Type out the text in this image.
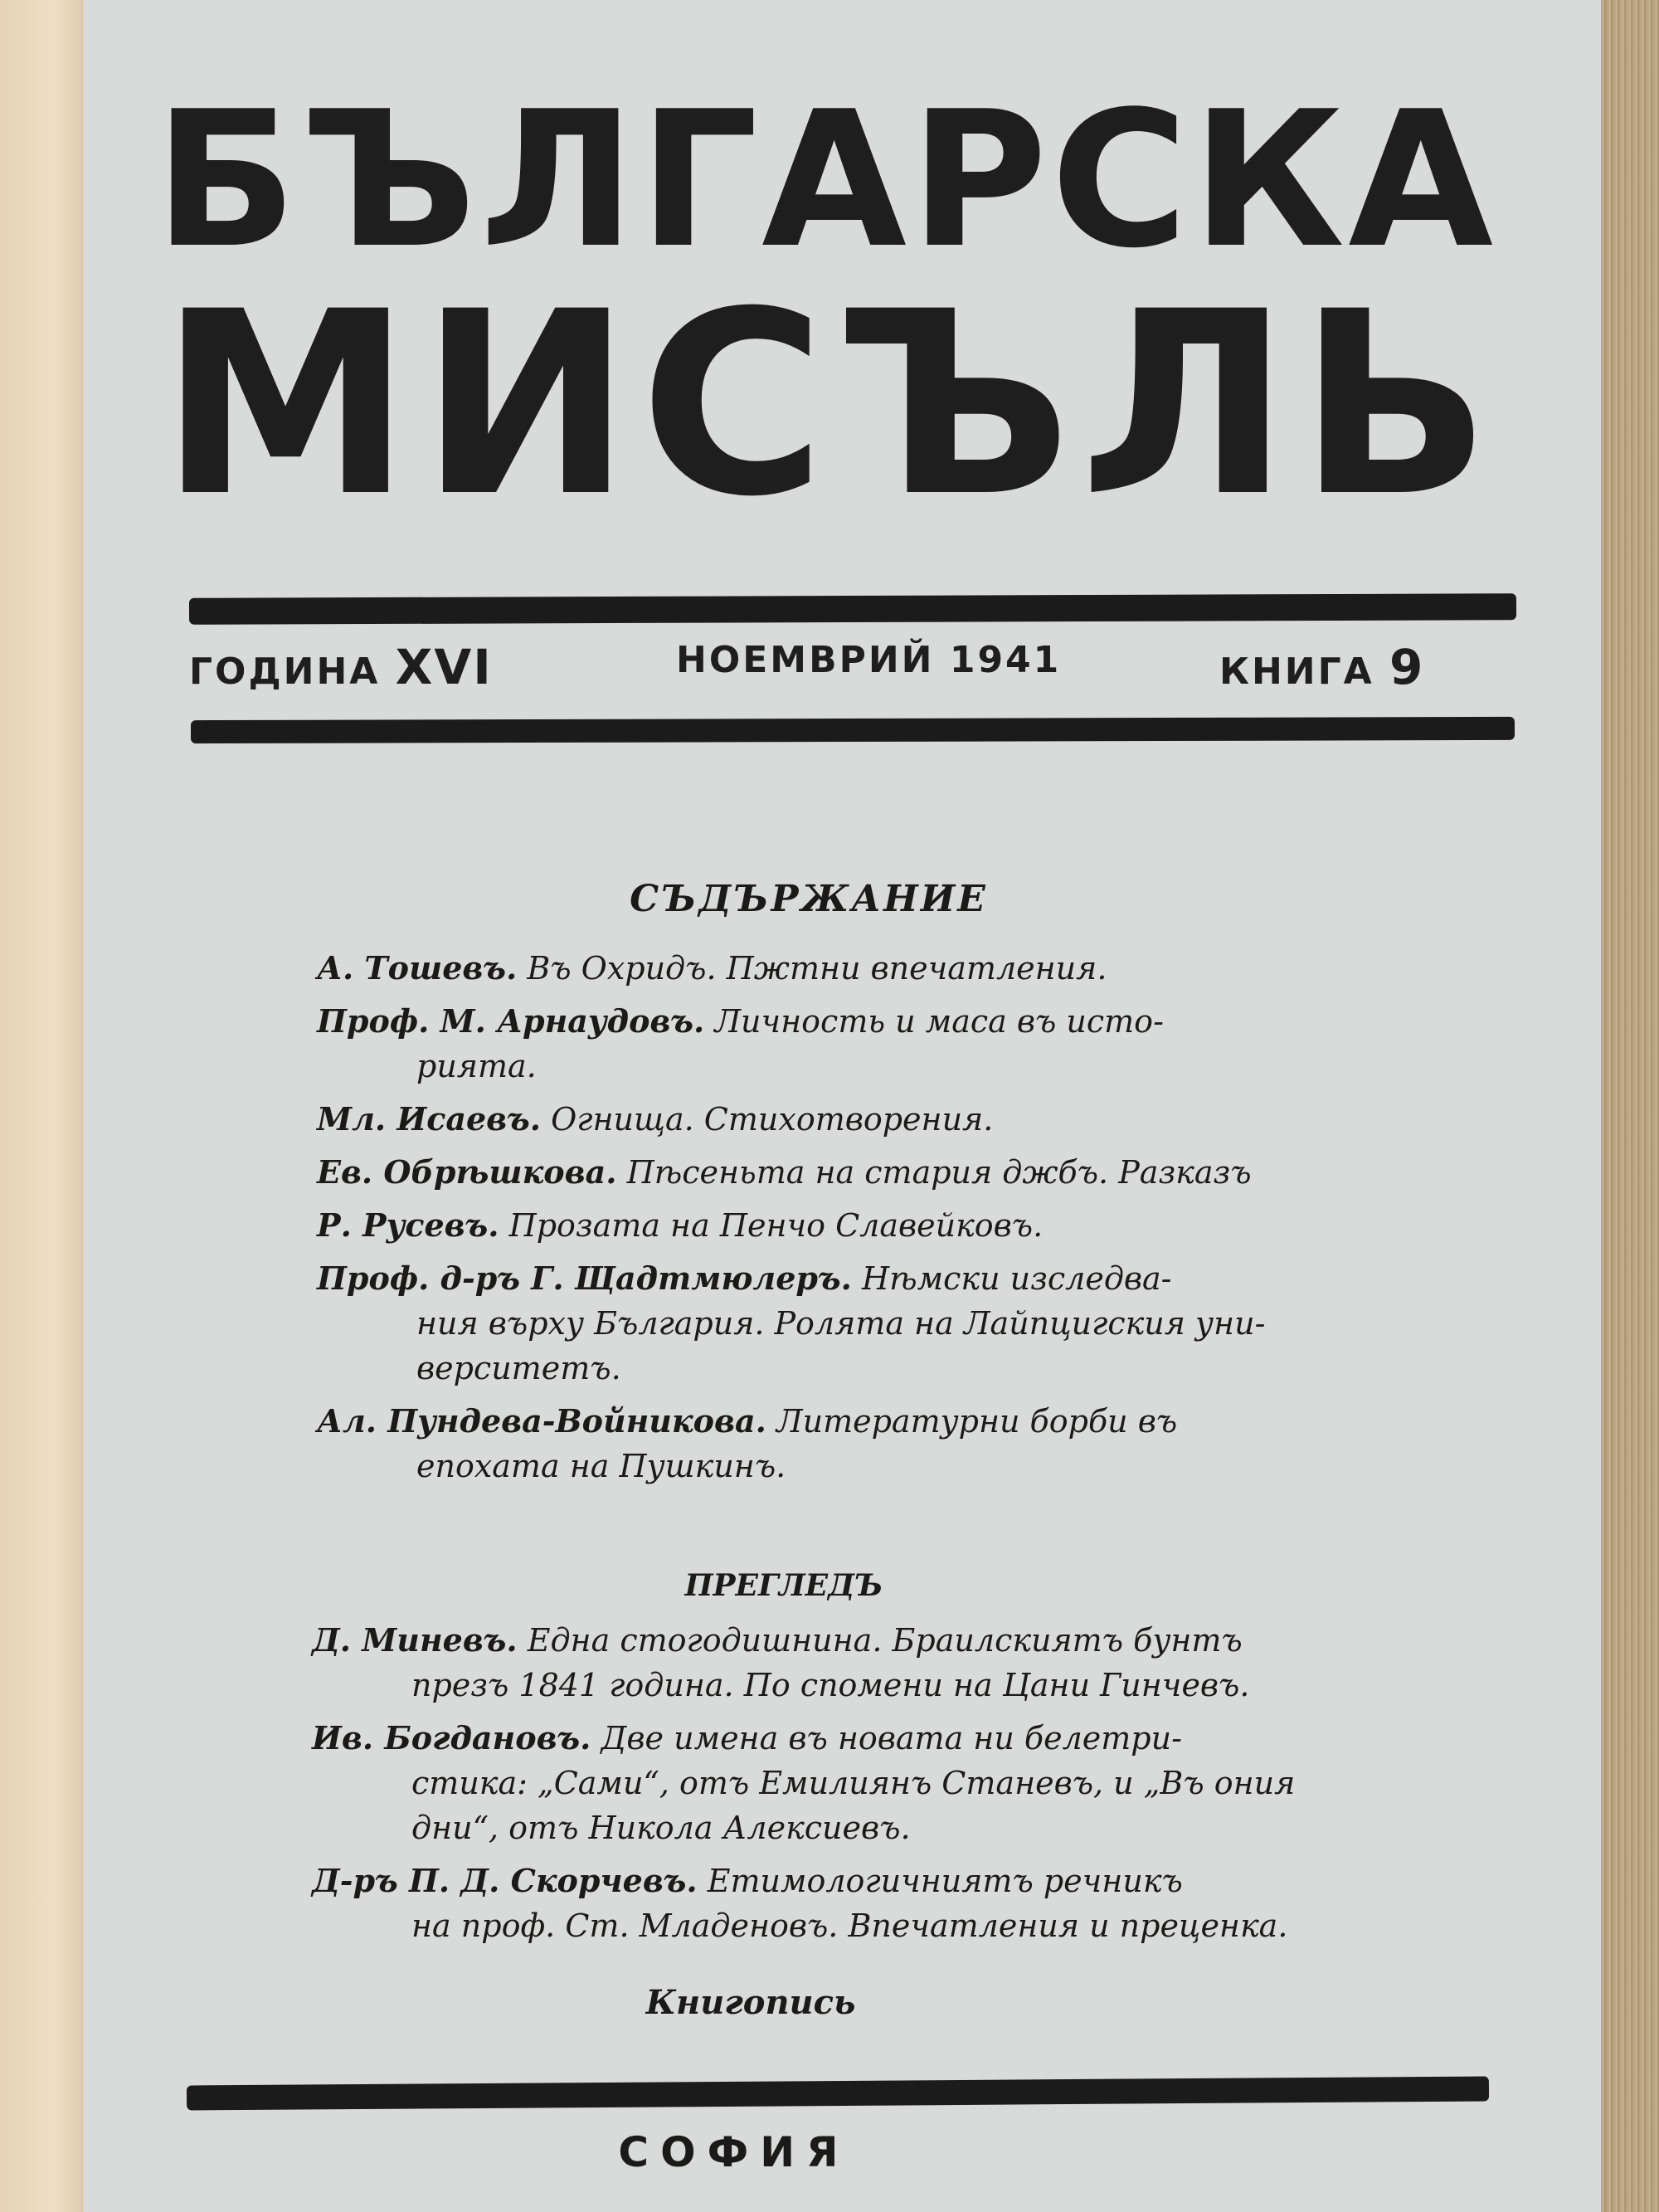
БЪЛГАРСКА
МИСЪЛЬ
ГОДИНА XVI	НОЕМВРИЙ 1941	КНИГА 9
СЪДЪРЖАНИЕ
А. Тошевъ. Въ Охридъ. Пжтни впечатления.
Проф. М. Арнаудовъ. Личность и маса въ исто-
рията.
Мл. Исаевъ. Огнища. Стихотворения.
Ев. Обрѣшкова. Пѣсеньта на стария джбъ. Разказъ
Р. Русевъ. Прозата на Пенчо Славейковъ.
Проф. д-ръ Г. Щадтмюлеръ. Нѣмски изследва-
ния върху България. Ролята на Лайпцигския уни-
верситетъ.
Ал. Пундева-Войникова. Литературни борби въ
епохата на Пушкинъ.
ПРЕГЛЕДЪ
Д. Миневъ. Една стогодишнина. Браилскиятъ бунтъ
презъ 1841 година. По спомени на Цани Гинчевъ.
Ив. Богдановъ. Две имена въ новата ни белетри-
стика: „Сами“, отъ Емилиянъ Станевъ, и „Въ ония
дни“, отъ Никола Алексиевъ.
Д-ръ П. Д. Скорчевъ. Етимологичниятъ речникъ
на проф. Ст. Младеновъ. Впечатления и преценка.
Книгопись
СОФИЯ
